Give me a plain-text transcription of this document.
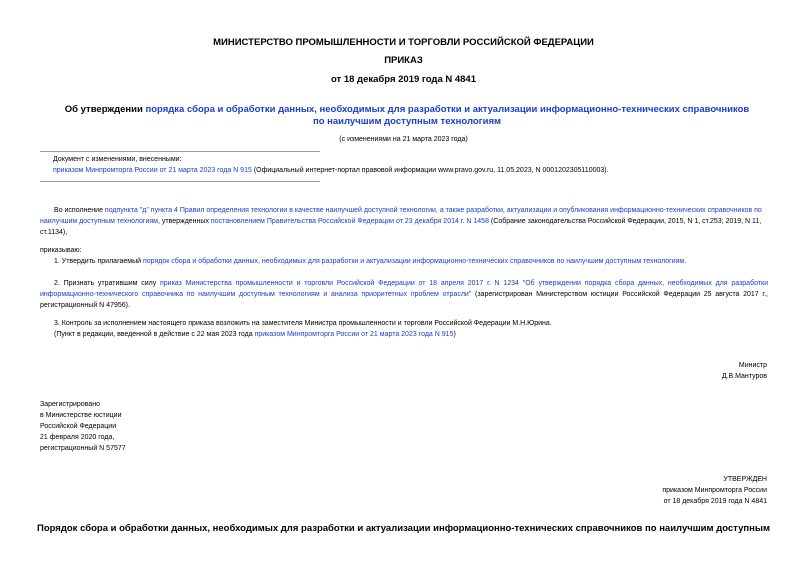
МИНИСТЕРСТВО ПРОМЫШЛЕННОСТИ И ТОРГОВЛИ РОССИЙСКОЙ ФЕДЕРАЦИИ
ПРИКАЗ
от 18 декабря 2019 года N 4841
Об утверждении порядка сбора и обработки данных, необходимых для разработки и актуализации информационно-технических справочников по наилучшим доступным технологиям
(с изменениями на 21 марта 2023 года)

Документ с изменениями, внесенными:

приказом Минпромторга России от 21 марта 2023 года N 915 (Официальный интернет-портал правовой информации www.pravo.gov.ru, 11.05.2023, N 0001202305110003).

Во исполнение подпункта "д" пункта 4 Правил определения технологии в качестве наилучшей доступной технологии, а также разработки, актуализации и опубликования информационно-технических справочников по наилучшим доступным технологиям, утвержденных постановлением Правительства Российской Федерации от 23 декабря 2014 г. N 1458 (Собрание законодательства Российской Федерации, 2015, N 1, ст.253; 2019, N 11, ст.1134),
приказываю:
1. Утвердить прилагаемый порядок сбора и обработки данных, необходимых для разработки и актуализации информационно-технических справочников по наилучшим доступным технологиям.
2. Признать утратившим силу приказ Министерства промышленности и торговли Российской Федерации от 18 апреля 2017 г. N 1234 "Об утверждении порядка сбора данных, необходимых для разработки информационно-технического справочника по наилучшим доступным технологиям и анализа приоритетных проблем отрасли" (зарегистрирован Министерством юстиции Российской Федерации 25 августа 2017 г., регистрационный N 47956).

3. Контроль за исполнением настоящего приказа возложить на заместителя Министра промышленности и торговли Российской Федерации М.Н.Юрина.

(Пункт в редакции, введенной в действие с 22 мая 2023 года приказом Минпромторга России от 21 марта 2023 года N 915)

Министр

Д.В.Мантуров

Зарегистрировано

в Министерстве юстиции

Российской Федерации

21 февраля 2020 года,

регистрационный N 57577

УТВЕРЖДЕН

приказом Минпромторга России

от 18 декабря 2019 года N 4841

Порядок сбора и обработки данных, необходимых для разработки и актуализации информационно-технических справочников по наилучшим доступным
